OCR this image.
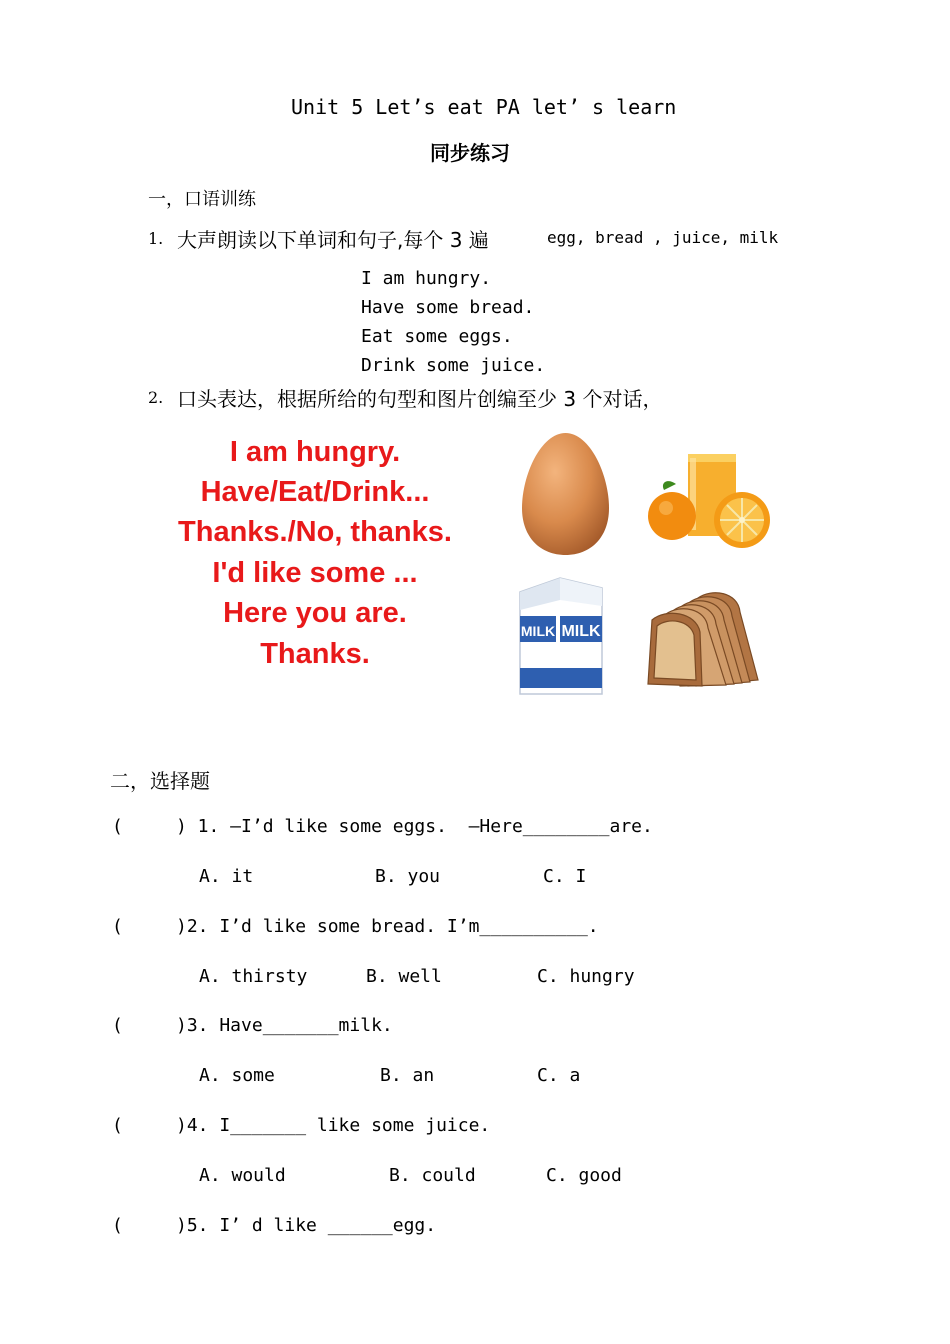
Unit 5 Let’s eat PA let’ s learn
同步练习
一，口语训练
1. 大声朗读以下单词和句子,每个 3 遍	egg, bread , juice, milk
I am hungry.
Have some bread.
Eat some eggs.
Drink some juice.
2. 口头表达，根据所给的句型和图片创编至少 3 个对话，
I am hungry.
Have/Eat/Drink...
Thanks./No, thanks.
I'd like some ...
Here you are.
Thanks.
MILK MILK
二，选择题
(	) 1. —I’d like some eggs.  —Here________are.
A. it	B. you	C. I
(	)2. I’d like some bread. I’m__________.
A. thirsty	B. well	C. hungry
(	)3. Have_______milk.
A. some	B. an	C. a
(	)4. I_______ like some juice.
A. would	B. could	C. good
(	)5. I’ d like ______egg.
